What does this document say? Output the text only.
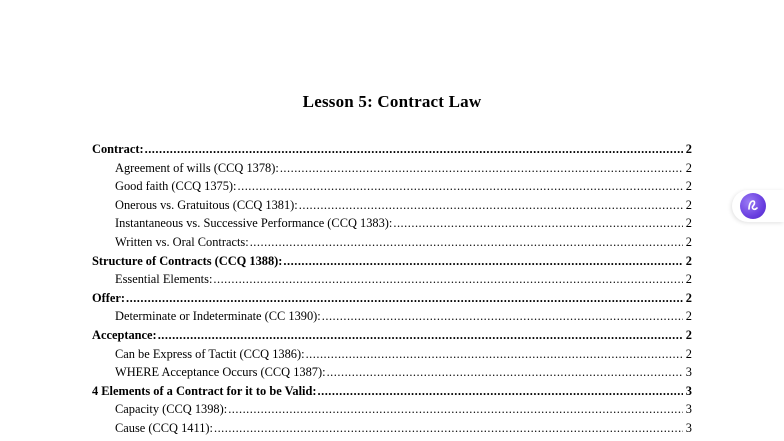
Lesson 5: Contract Law
Contract: .....	2
Agreement of wills (CCQ 1378): .....	2
Good faith (CCQ 1375): .....	2
Onerous vs. Gratuitous (CCQ 1381): .....	2
Instantaneous vs. Successive Performance (CCQ 1383): .....	2
Written vs. Oral Contracts: .....	2
Structure of Contracts (CCQ 1388): .....	2
Essential Elements: .....	2
Offer: .....	2
Determinate or Indeterminate (CC 1390): .....	2
Acceptance: .....	2
Can be Express of Tactit (CCQ 1386): .....	2
WHERE Acceptance Occurs (CCQ 1387): .....	3
4 Elements of a Contract for it to be Valid: .....	3
Capacity (CCQ 1398): .....	3
Cause (CCQ 1411): .....	3
